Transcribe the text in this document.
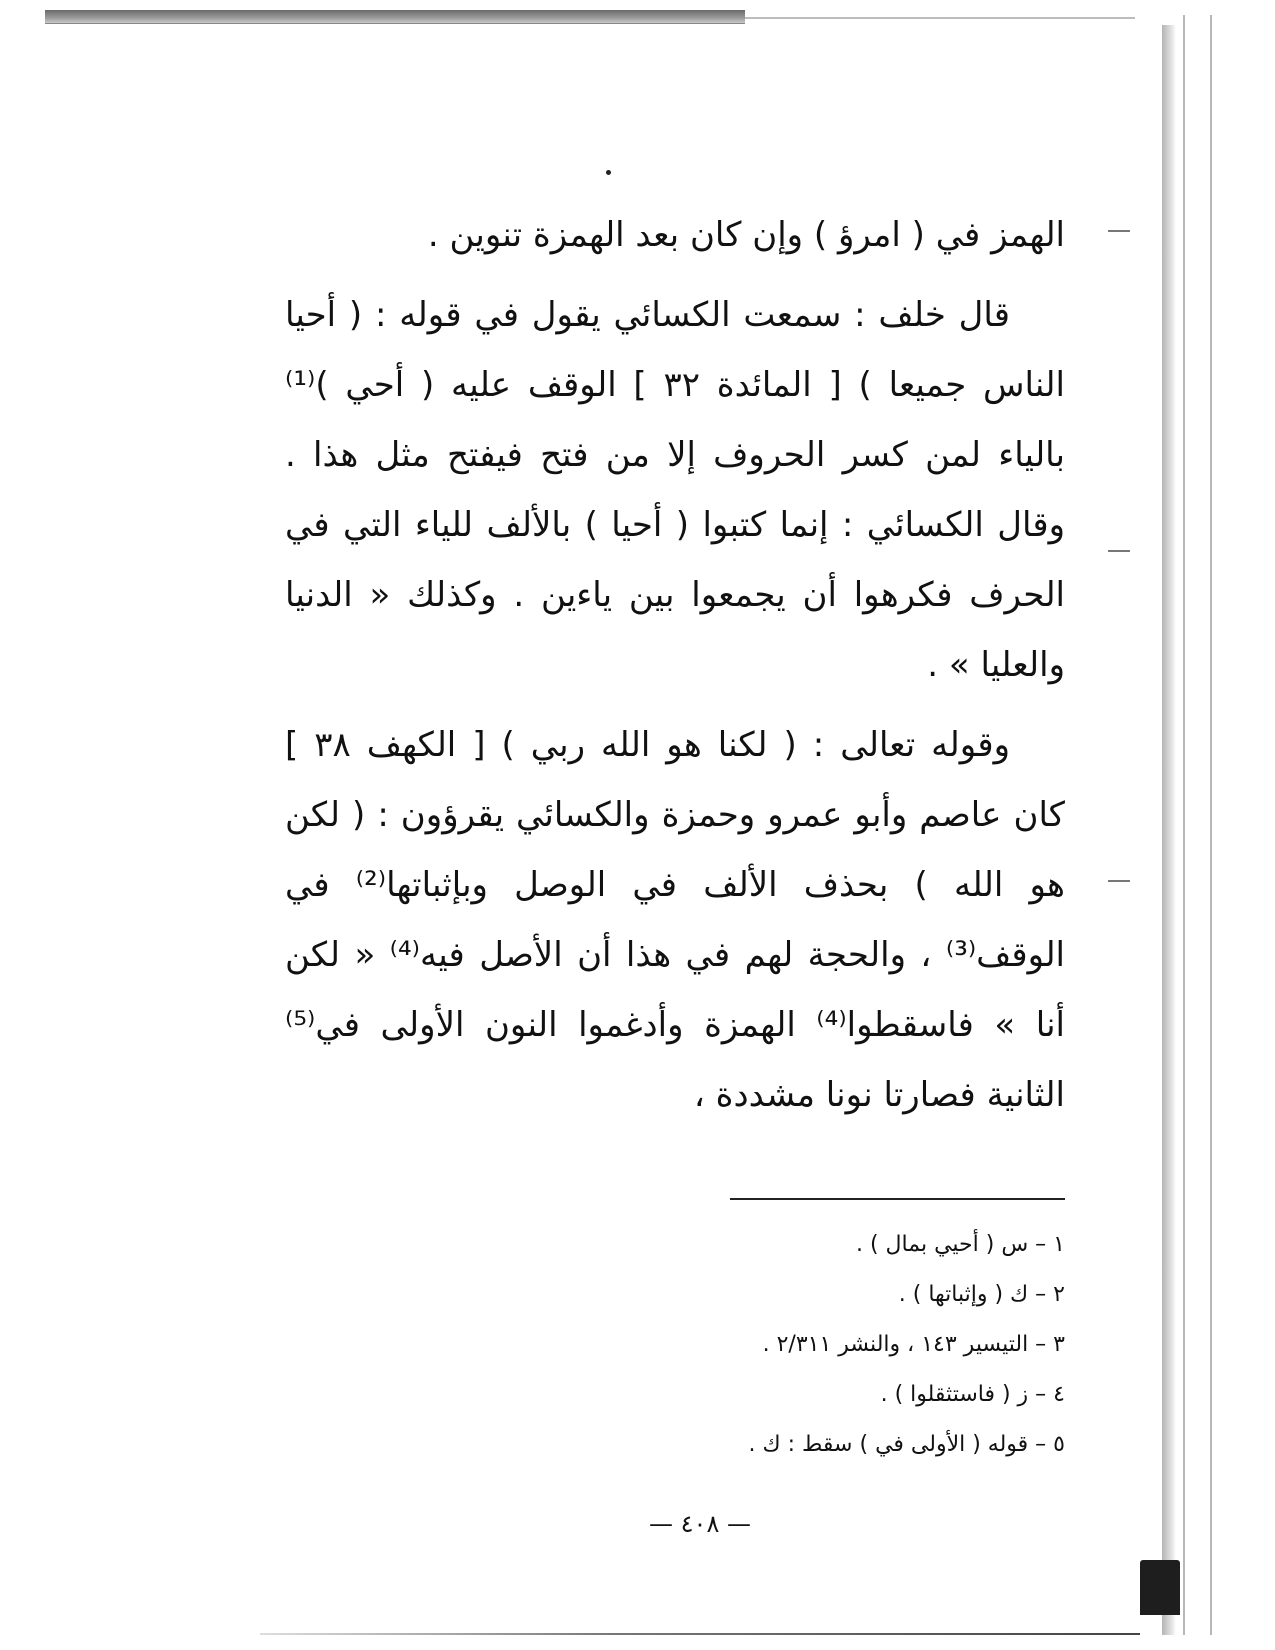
الهمز في ( امرؤ ) وإن كان بعد الهمزة تنوين .

قال خلف : سمعت الكسائي يقول في قوله : ( أحيا الناس جميعا ) [ المائدة ٣٢ ] الوقف عليه ( أحي )⁽¹⁾ بالياء لمن كسر الحروف إلا من فتح فيفتح مثل هذا . وقال الكسائي : إنما كتبوا ( أحيا ) بالألف للياء التي في الحرف فكرهوا أن يجمعوا بين ياءين . وكذلك « الدنيا والعليا » .

وقوله تعالى : ( لكنا هو الله ربي ) [ الكهف ٣٨ ] كان عاصم وأبو عمرو وحمزة والكسائي يقرؤون : ( لكن هو الله ) بحذف الألف في الوصل وبإثباتها⁽²⁾ في الوقف⁽³⁾ ، والحجة لهم في هذا أن الأصل فيه⁽⁴⁾ « لكن أنا » فاسقطوا⁽⁴⁾ الهمزة وأدغموا النون الأولى في⁽⁵⁾ الثانية فصارتا نونا مشددة ،

١ – س ( أحيي بمال ) .
٢ – ك ( وإثباتها ) .
٣ – التيسير ١٤٣ ، والنشر ٢/٣١١ .
٤ – ز ( فاستثقلوا ) .
٥ – قوله ( الأولى في ) سقط : ك .
— ٤٠٨ —
